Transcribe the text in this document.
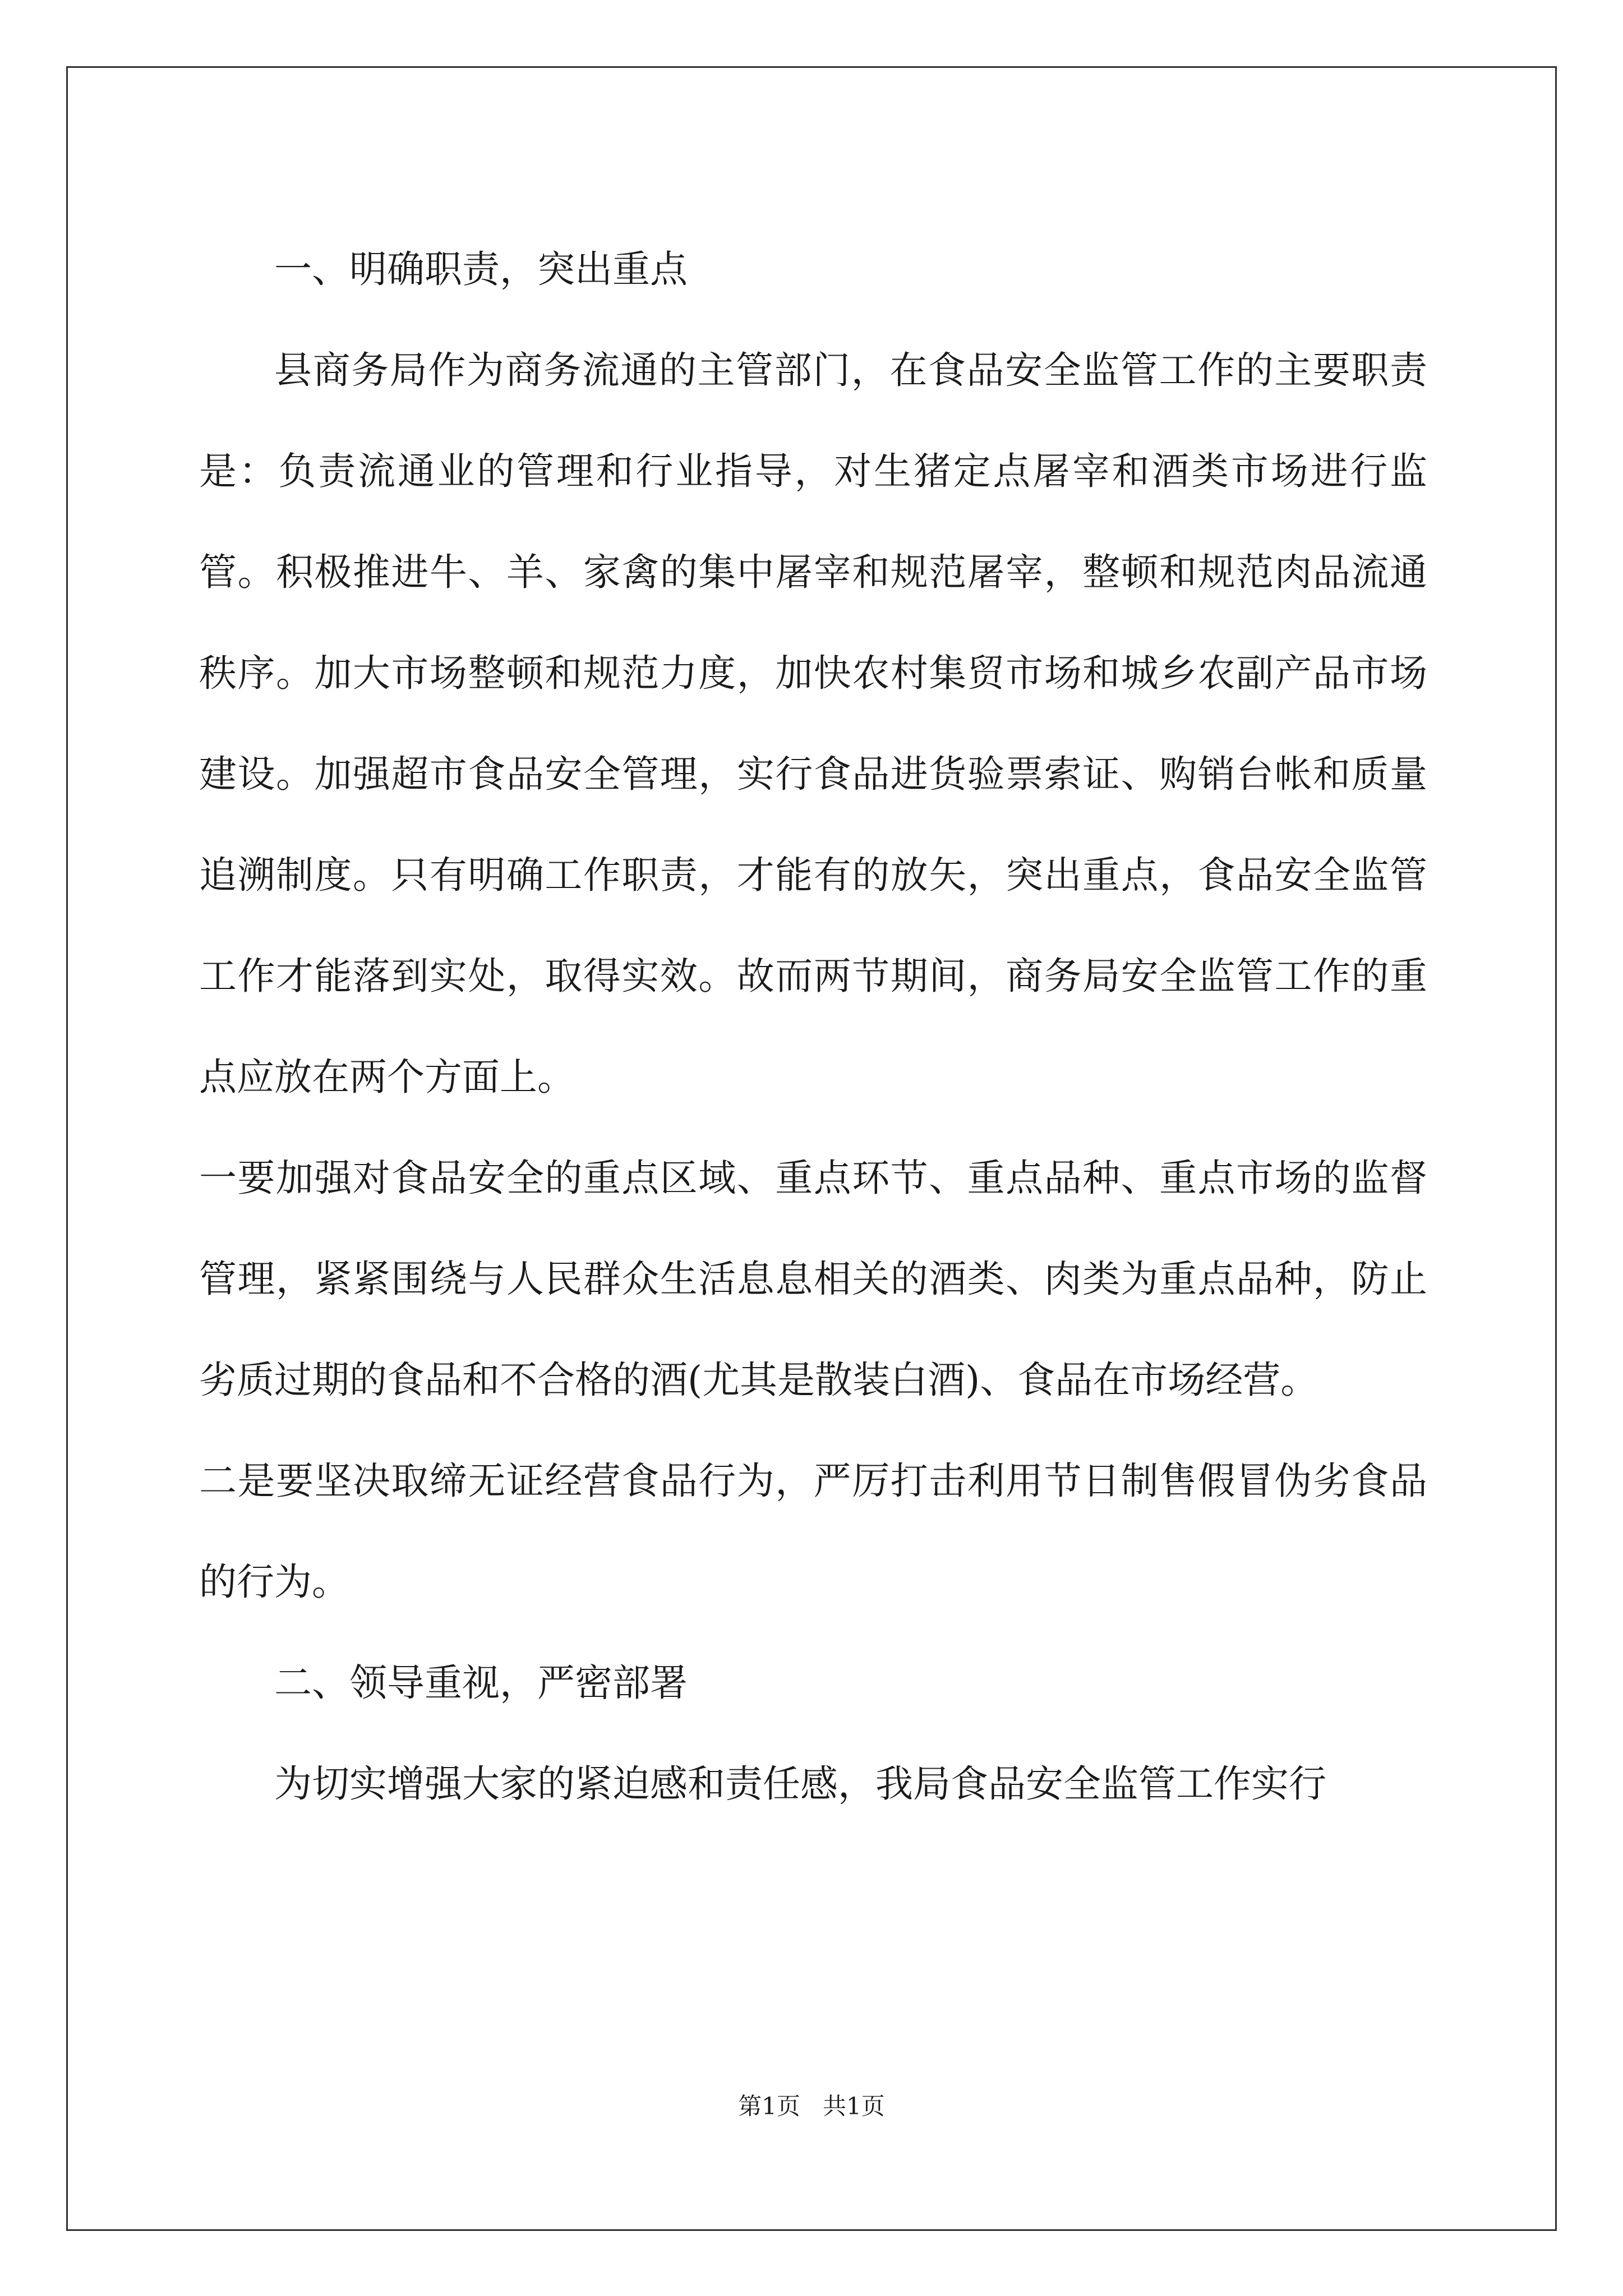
一、明确职责，突出重点

县商务局作为商务流通的主管部门，在食品安全监管工作的主要职责是：负责流通业的管理和行业指导，对生猪定点屠宰和酒类市场进行监管。积极推进牛、羊、家禽的集中屠宰和规范屠宰，整顿和规范肉品流通秩序。加大市场整顿和规范力度，加快农村集贸市场和城乡农副产品市场建设。加强超市食品安全管理，实行食品进货验票索证、购销台帐和质量追溯制度。只有明确工作职责，才能有的放矢，突出重点，食品安全监管工作才能落到实处，取得实效。故而两节期间，商务局安全监管工作的重点应放在两个方面上。

一要加强对食品安全的重点区域、重点环节、重点品种、重点市场的监督管理，紧紧围绕与人民群众生活息息相关的酒类、肉类为重点品种，防止劣质过期的食品和不合格的酒(尤其是散装白酒)、食品在市场经营。

二是要坚决取缔无证经营食品行为，严厉打击利用节日制售假冒伪劣食品的行为。

二、领导重视，严密部署

为切实增强大家的紧迫感和责任感，我局食品安全监管工作实行

第1页 共1页
